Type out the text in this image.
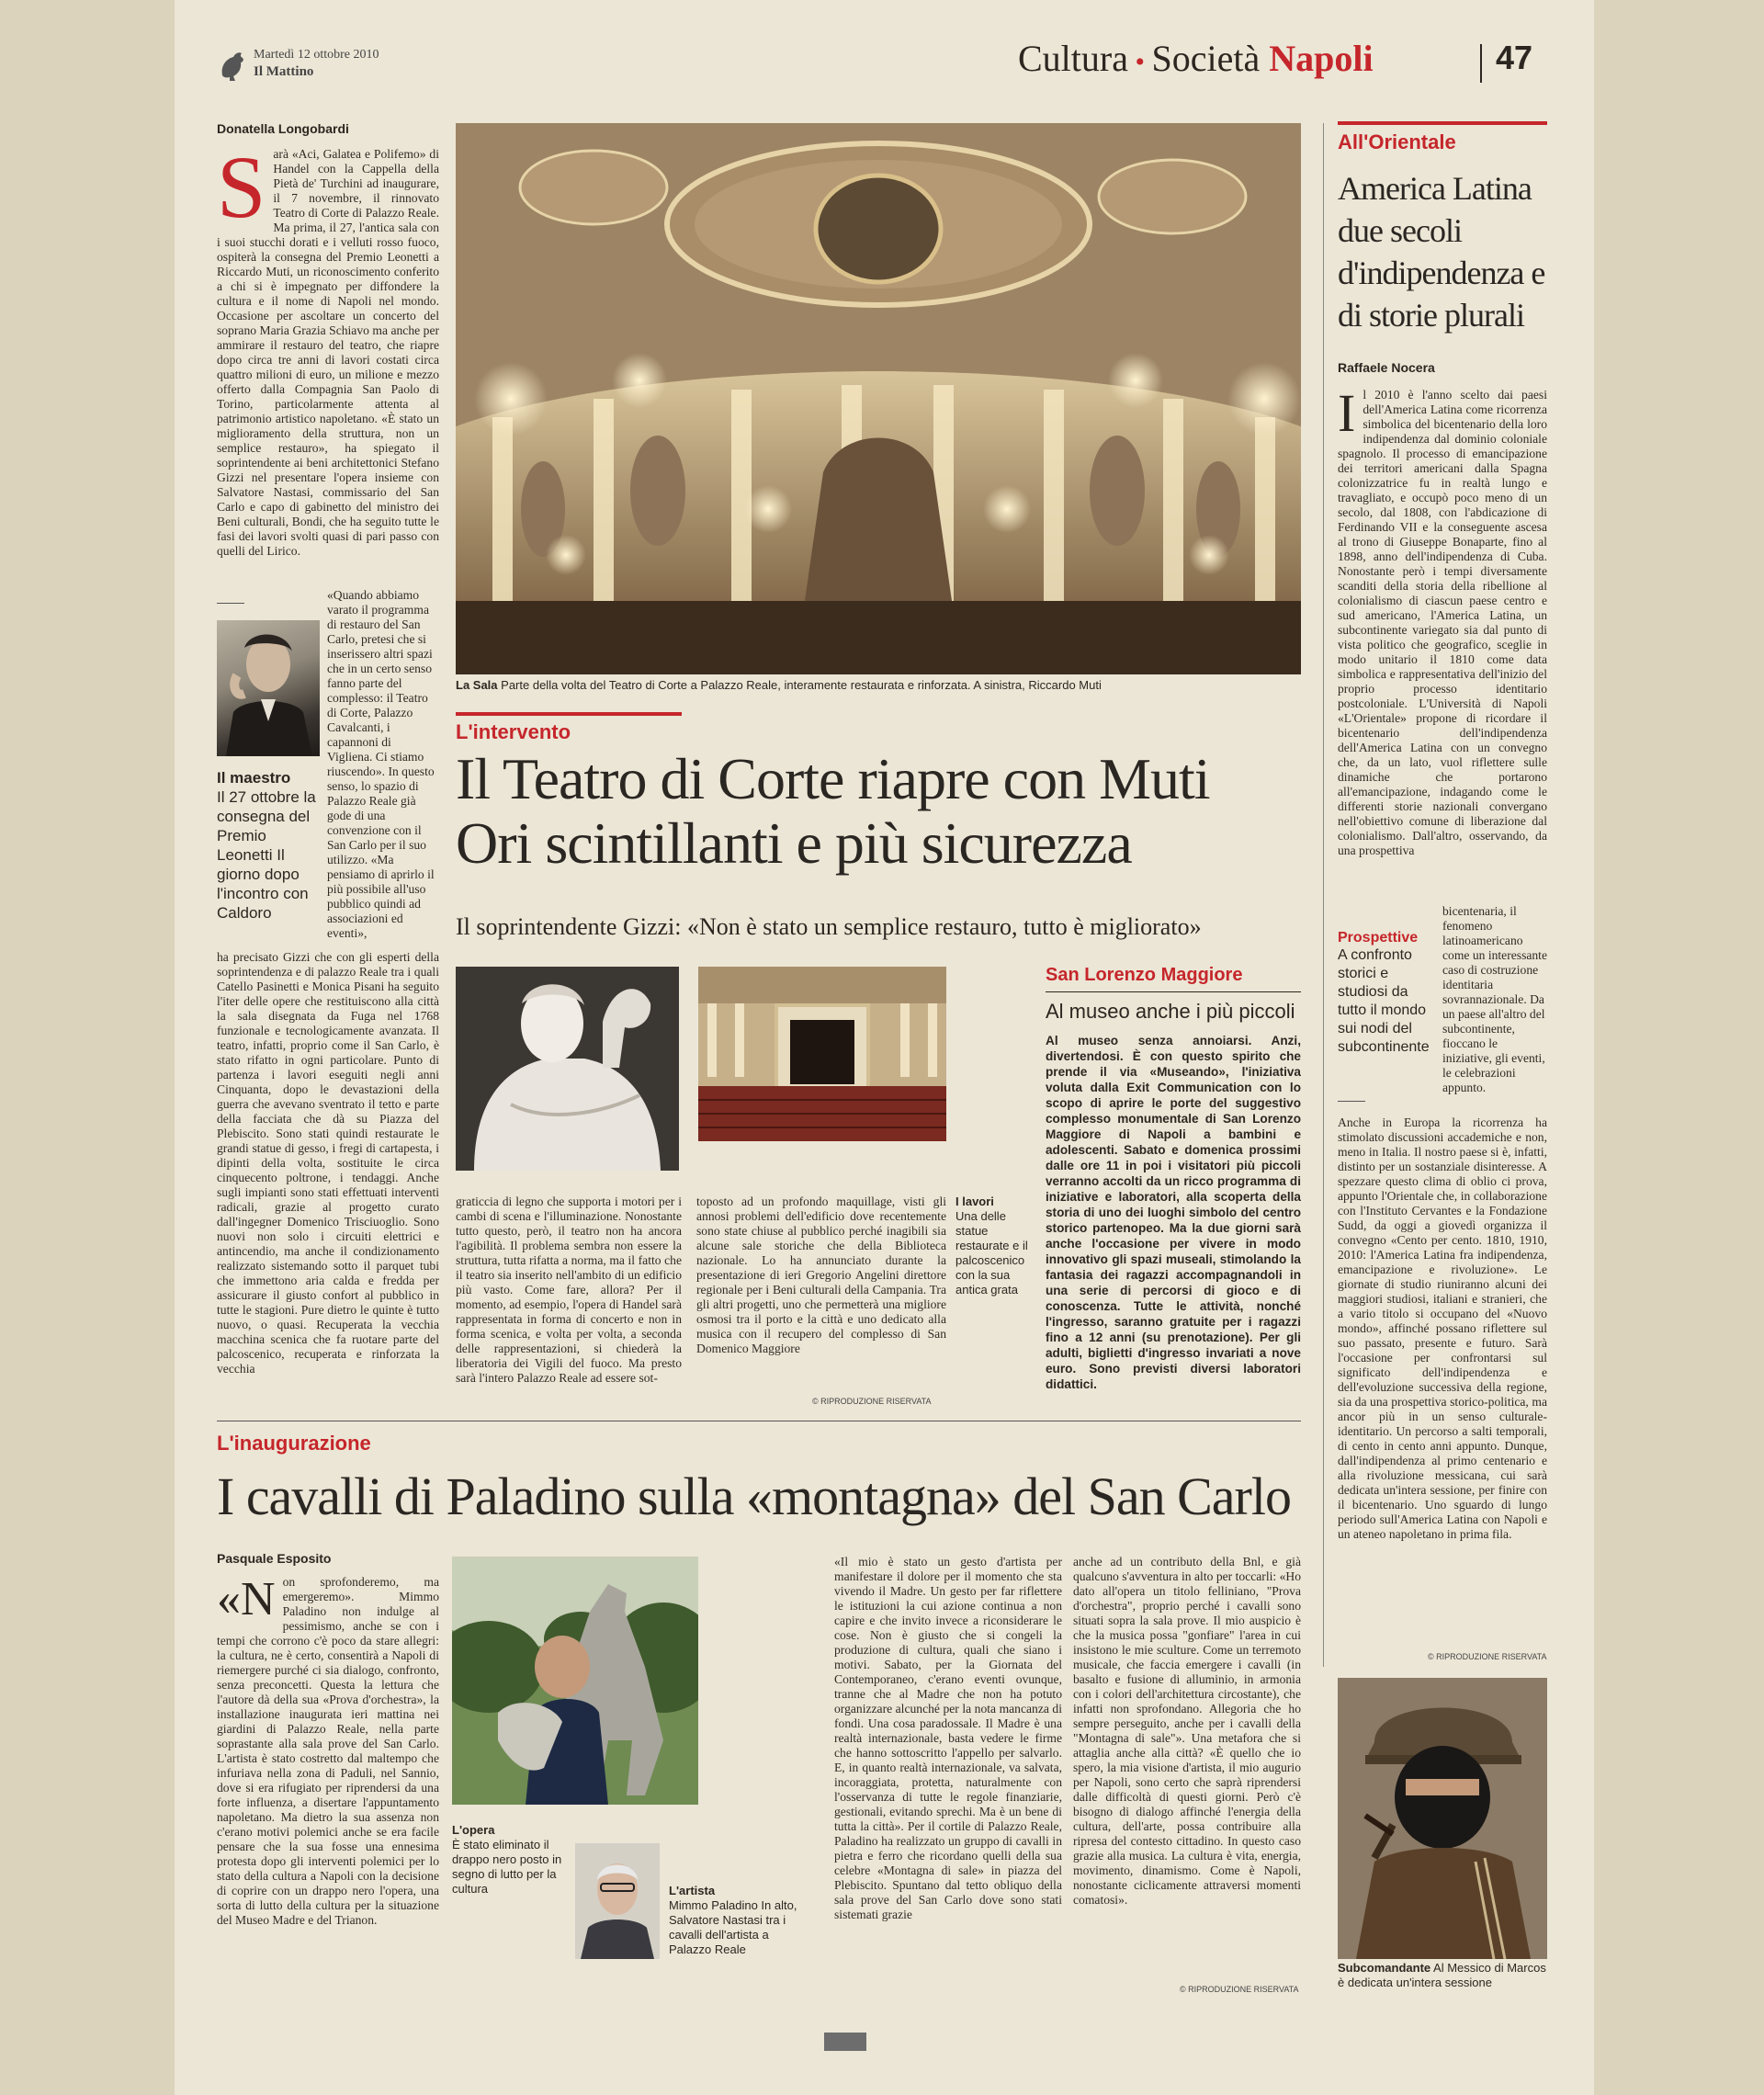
Martedì 12 ottobre 2010
Il Mattino	Cultura • Società Napoli	47
Donatella Longobardi
Sarà «Aci, Galatea e Polifemo» di Handel con la Cappella della Pietà de' Turchini ad inaugurare, il 7 novembre, il rinnovato Teatro di Corte di Palazzo Reale. Ma prima, il 27, l'antica sala con i suoi stucchi dorati e i velluti rosso fuoco, ospiterà la consegna del Premio Leonetti a Riccardo Muti, un riconoscimento conferito a chi si è impegnato per diffondere la cultura e il nome di Napoli nel mondo. Occasione per ascoltare un concerto del soprano Maria Grazia Schiavo ma anche per ammirare il restauro del teatro, che riapre dopo circa tre anni di lavori costati circa quattro milioni di euro, un milione e mezzo offerto dalla Compagnia San Paolo di Torino, particolarmente attenta al patrimonio artistico napoletano. «È stato un miglioramento della struttura, non un semplice restauro», ha spiegato il soprintendente ai beni architettonici Stefano Gizzi nel presentare l'opera insieme con Salvatore Nastasi, commissario del San Carlo e capo di gabinetto del ministro dei Beni culturali, Bondi, che ha seguito tutte le fasi dei lavori svolti quasi di pari passo con quelli del Lirico.
Il maestro
Il 27 ottobre la consegna del Premio Leonetti Il giorno dopo l'incontro con Caldoro
«Quando abbiamo varato il programma di restauro del San Carlo, pretesi che si inserissero altri spazi che in un certo senso fanno parte del complesso: il Teatro di Corte, Palazzo Cavalcanti, i capannoni di Vigliena. Ci stiamo riuscendo». In questo senso, lo spazio di Palazzo Reale già gode di una convenzione con il San Carlo per il suo utilizzo. «Ma pensiamo di aprirlo il più possibile all'uso pubblico quindi ad associazioni ed eventi»,
ha precisato Gizzi che con gli esperti della soprintendenza e di palazzo Reale tra i quali Catello Pasinetti e Monica Pisani ha seguito l'iter delle opere che restituiscono alla città la sala disegnata da Fuga nel 1768 funzionale e tecnologicamente avanzata. Il teatro, infatti, proprio come il San Carlo, è stato rifatto in ogni particolare. Punto di partenza i lavori eseguiti negli anni Cinquanta, dopo le devastazioni della guerra che avevano sventrato il tetto e parte della facciata che dà su Piazza del Plebiscito. Sono stati quindi restaurate le grandi statue di gesso, i fregi di cartapesta, i dipinti della volta, sostituite le circa cinquecento poltrone, i tendaggi. Anche sugli impianti sono stati effettuati interventi radicali, grazie al progetto curato dall'ingegner Domenico Trisciuoglio. Sono nuovi non solo i circuiti elettrici e antincendio, ma anche il condizionamento realizzato sistemando sotto il parquet tubi che immettono aria calda e fredda per assicurare il giusto confort al pubblico in tutte le stagioni. Pure dietro le quinte è tutto nuovo, o quasi. Recuperata la vecchia macchina scenica che fa ruotare parte del palcoscenico, recuperata e rinforzata la vecchia
La Sala Parte della volta del Teatro di Corte a Palazzo Reale, interamente restaurata e rinforzata. A sinistra, Riccardo Muti
L'intervento
Il Teatro di Corte riapre con Muti
Ori scintillanti e più sicurezza
Il soprintendente Gizzi: «Non è stato un semplice restauro, tutto è migliorato»
I lavori
Una delle statue restaurate e il palcoscenico con la sua antica grata
graticcia di legno che supporta i motori per i cambi di scena e l'illuminazione. Nonostante tutto questo, però, il teatro non ha ancora l'agibilità. Il problema sembra non essere la struttura, tutta rifatta a norma, ma il fatto che il teatro sia inserito nell'ambito di un edificio più vasto. Come fare, allora? Per il momento, ad esempio, l'opera di Handel sarà rappresentata in forma di concerto e non in forma scenica, e volta per volta, a seconda delle rappresentazioni, si chiederà la liberatoria dei Vigili del fuoco. Ma presto sarà l'intero Palazzo Reale ad essere sot-
toposto ad un profondo maquillage, visti gli annosi problemi dell'edificio dove recentemente sono state chiuse al pubblico perché inagibili sia alcune sale storiche che della Biblioteca nazionale. Lo ha annunciato durante la presentazione di ieri Gregorio Angelini direttore regionale per i Beni culturali della Campania. Tra gli altri progetti, uno che permetterà una migliore osmosi tra il porto e la città e uno dedicato alla musica con il recupero del complesso di San Domenico Maggiore
© RIPRODUZIONE RISERVATA
San Lorenzo Maggiore
Al museo anche i più piccoli
Al museo senza annoiarsi. Anzi, divertendosi. È con questo spirito che prende il via «Museando», l'iniziativa voluta dalla Exit Communication con lo scopo di aprire le porte del suggestivo complesso monumentale di San Lorenzo Maggiore di Napoli a bambini e adolescenti. Sabato e domenica prossimi dalle ore 11 in poi i visitatori più piccoli verranno accolti da un ricco programma di iniziative e laboratori, alla scoperta della storia di uno dei luoghi simbolo del centro storico partenopeo. Ma la due giorni sarà anche l'occasione per vivere in modo innovativo gli spazi museali, stimolando la fantasia dei ragazzi accompagnandoli in una serie di percorsi di gioco e di conoscenza. Tutte le attività, nonché l'ingresso, saranno gratuite per i ragazzi fino a 12 anni (su prenotazione). Per gli adulti, biglietti d'ingresso invariati a nove euro. Sono previsti diversi laboratori didattici.
All'Orientale
America Latina due secoli d'indipendenza e di storie plurali
Raffaele Nocera
Il 2010 è l'anno scelto dai paesi dell'America Latina come ricorrenza simbolica del bicentenario della loro indipendenza dal dominio coloniale spagnolo. Il processo di emancipazione dei territori americani dalla Spagna colonizzatrice fu in realtà lungo e travagliato, e occupò poco meno di un secolo, dal 1808, con l'abdicazione di Ferdinando VII e la conseguente ascesa al trono di Giuseppe Bonaparte, fino al 1898, anno dell'indipendenza di Cuba. Nonostante però i tempi diversamente scanditi della storia della ribellione al colonialismo di ciascun paese centro e sud americano, l'America Latina, un subcontinente variegato sia dal punto di vista politico che geografico, sceglie in modo unitario il 1810 come data simbolica e rappresentativa dell'inizio del proprio processo identitario postcoloniale. L'Università di Napoli «L'Orientale» propone di ricordare il bicentenario dell'indipendenza dell'America Latina con un convegno che, da un lato, vuol riflettere sulle dinamiche che portarono all'emancipazione, indagando come le differenti storie nazionali convergano nell'obiettivo comune di liberazione dal colonialismo. Dall'altro, osservando, da una prospettiva
Prospettive
A confronto storici e studiosi da tutto il mondo sui nodi del subcontinente
bicentenaria, il fenomeno latinoamericano come un interessante caso di costruzione identitaria sovrannazionale. Da un paese all'altro del subcontinente, fioccano le iniziative, gli eventi, le celebrazioni appunto.
Anche in Europa la ricorrenza ha stimolato discussioni accademiche e non, meno in Italia. Il nostro paese si è, infatti, distinto per un sostanziale disinteresse. A spezzare questo clima di oblio ci prova, appunto l'Orientale che, in collaborazione con l'Instituto Cervantes e la Fondazione Sudd, da oggi a giovedì organizza il convegno «Cento per cento. 1810, 1910, 2010: l'America Latina fra indipendenza, emancipazione e rivoluzione». Le giornate di studio riuniranno alcuni dei maggiori studiosi, italiani e stranieri, che a vario titolo si occupano del «Nuovo mondo», affinché possano riflettere sul suo passato, presente e futuro. Sarà l'occasione per confrontarsi sul significato dell'indipendenza e dell'evoluzione successiva della regione, sia da una prospettiva storico-politica, ma ancor più in un senso culturale-identitario. Un percorso a salti temporali, di cento in cento anni appunto. Dunque, dall'indipendenza al primo centenario e alla rivoluzione messicana, cui sarà dedicata un'intera sessione, per finire con il bicentenario. Uno sguardo di lungo periodo sull'America Latina con Napoli e un ateneo napoletano in prima fila.
© RIPRODUZIONE RISERVATA
Subcomandante Al Messico di Marcos è dedicata un'intera sessione
L'inaugurazione
I cavalli di Paladino sulla «montagna» del San Carlo
Pasquale Esposito
«Non sprofonderemo, ma emergeremo». Mimmo Paladino non indulge al pessimismo, anche se con i tempi che corrono c'è poco da stare allegri: la cultura, ne è certo, consentirà a Napoli di riemergere purché ci sia dialogo, confronto, senza preconcetti. Questa la lettura che l'autore dà della sua «Prova d'orchestra», la installazione inaugurata ieri mattina nei giardini di Palazzo Reale, nella parte soprastante alla sala prove del San Carlo. L'artista è stato costretto dal maltempo che infuriava nella zona di Paduli, nel Sannio, dove si era rifugiato per riprendersi da una forte influenza, a disertare l'appuntamento napoletano. Ma dietro la sua assenza non c'erano motivi polemici anche se era facile pensare che la sua fosse una ennesima protesta dopo gli interventi polemici per lo stato della cultura a Napoli con la decisione di coprire con un drappo nero l'opera, una sorta di lutto della cultura per la situazione del Museo Madre e del Trianon.
L'opera
È stato eliminato il drappo nero posto in segno di lutto per la cultura	L'artista
Mimmo Paladino In alto, Salvatore Nastasi tra i cavalli dell'artista a Palazzo Reale
«Il mio è stato un gesto d'artista per manifestare il dolore per il momento che sta vivendo il Madre. Un gesto per far riflettere le istituzioni la cui azione continua a non capire e che invito invece a riconsiderare le cose. Non è giusto che si congeli la produzione di cultura, quali che siano i motivi. Sabato, per la Giornata del Contemporaneo, c'erano eventi ovunque, tranne che al Madre che non ha potuto organizzare alcunché per la nota mancanza di fondi. Una cosa paradossale. Il Madre è una realtà internazionale, basta vedere le firme che hanno sottoscritto l'appello per salvarlo. E, in quanto realtà internazionale, va salvata, incoraggiata, protetta, naturalmente con l'osservanza di tutte le regole finanziarie, gestionali, evitando sprechi. Ma è un bene di tutta la città». Per il cortile di Palazzo Reale, Paladino ha realizzato un gruppo di cavalli in pietra e ferro che ricordano quelli della sua celebre «Montagna di sale» in piazza del Plebiscito. Spuntano dal tetto obliquo della sala prove del San Carlo dove sono stati sistemati grazie
anche ad un contributo della Bnl, e già qualcuno s'avventura in alto per toccarli: «Ho dato all'opera un titolo felliniano, "Prova d'orchestra", proprio perché i cavalli sono situati sopra la sala prove. Il mio auspicio è che la musica possa "gonfiare" l'area in cui insistono le mie sculture. Come un terremoto musicale, che faccia emergere i cavalli (in basalto e fusione di alluminio, in armonia con i colori dell'architettura circostante), che infatti non sprofondano. Allegoria che ho sempre perseguito, anche per i cavalli della "Montagna di sale"». Una metafora che si attaglia anche alla città? «È quello che io spero, la mia visione d'artista, il mio augurio per Napoli, sono certo che saprà riprendersi dalle difficoltà di questi giorni. Però c'è bisogno di dialogo affinché l'energia della cultura, dell'arte, possa contribuire alla ripresa del contesto cittadino. In questo caso grazie alla musica. La cultura è vita, energia, movimento, dinamismo. Come è Napoli, nonostante ciclicamente attraversi momenti comatosi».
© RIPRODUZIONE RISERVATA
